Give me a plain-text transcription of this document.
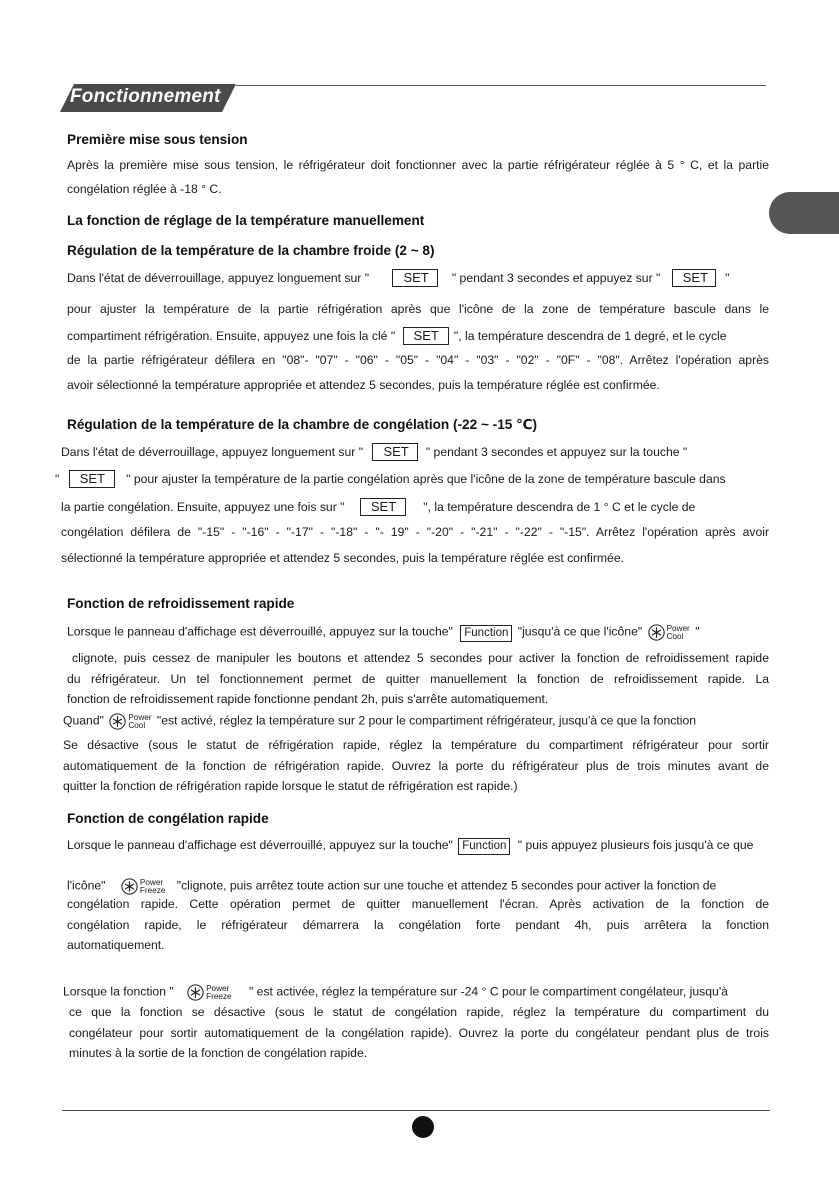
Fonctionnement
Première mise sous tension
Après la première mise sous tension, le réfrigérateur doit fonctionner avec la partie réfrigérateur réglée à 5 ° C, et la partie
congélation réglée à -18 ° C.
La fonction de réglage de la température manuellement
Régulation de la température de la chambre froide (2 ~ 8)
Dans l'état de déverrouillage, appuyez longuement sur "	SET " pendant 3 secondes et appuyez sur " SET "
pour ajuster la température de la partie réfrigération après que l'icône de la zone de température bascule dans le
compartiment réfrigération. Ensuite, appuyez une fois la clé " SET ", la température descendra de 1 degré, et le cycle
de la partie réfrigérateur défilera en "08"- "07" - "06" - "05" - "04" - "03" - "02" - "0F" - "08". Arrêtez l'opération après
avoir sélectionné la température appropriée et attendez 5 secondes, puis la température réglée est confirmée.
Régulation de la température de la chambre de congélation (-22 ~ -15 ℃)
Dans l'état de déverrouillage, appuyez longuement sur " SET " pendant 3 secondes et appuyez sur la touche "
" SET " pour ajuster la température de la partie congélation après que l'icône de la zone de température bascule dans
la partie congélation. Ensuite, appuyez une fois sur " SET ", la température descendra de 1 ° C et le cycle de
congélation défilera de "-15" - "-16" - "-17" - "-18" - "- 19" - "-20" - "-21" - "-22" - "-15". Arrêtez l'opération après avoir
sélectionné la température appropriée et attendez 5 secondes, puis la température réglée est confirmée.
Fonction de refroidissement rapide
Lorsque le panneau d'affichage est déverrouillé, appuyez sur la touche" Function "jusqu'à ce que l'icône"	Power
Cool "
clignote, puis cessez de manipuler les boutons et attendez 5 secondes pour activer la fonction de refroidissement rapide
du réfrigérateur. Un tel fonctionnement permet de quitter manuellement la fonction de refroidissement rapide. La
fonction de refroidissement rapide fonctionne pendant 2h, puis s'arrête automatiquement.
Quand"	Power
Cool "est activé, réglez la température sur 2 pour le compartiment réfrigérateur, jusqu'à ce que la fonction
Se désactive (sous le statut de réfrigération rapide, réglez la température du compartiment réfrigérateur pour sortir
automatiquement de la fonction de réfrigération rapide. Ouvrez la porte du réfrigérateur plus de trois minutes avant de
quitter la fonction de réfrigération rapide lorsque le statut de réfrigération est rapide.)
Fonction de congélation rapide
Lorsque le panneau d'affichage est déverrouillé, appuyez sur la touche" Function " puis appuyez plusieurs fois jusqu'à ce que
l'icône"	Power
Freeze "clignote, puis arrêtez toute action sur une touche et attendez 5 secondes pour activer la fonction de
congélation rapide. Cette opération permet de quitter manuellement l'écran. Après activation de la fonction de
congélation rapide, le réfrigérateur démarrera la congélation forte pendant 4h, puis arrêtera la fonction
automatiquement.
Lorsque la fonction "	Power
Freeze " est activée, réglez la température sur -24 ° C pour le compartiment congélateur, jusqu'à
ce que la fonction se désactive (sous le statut de congélation rapide, réglez la température du compartiment du
congélateur pour sortir automatiquement de la congélation rapide). Ouvrez la porte du congélateur pendant plus de trois
minutes à la sortie de la fonction de congélation rapide.
